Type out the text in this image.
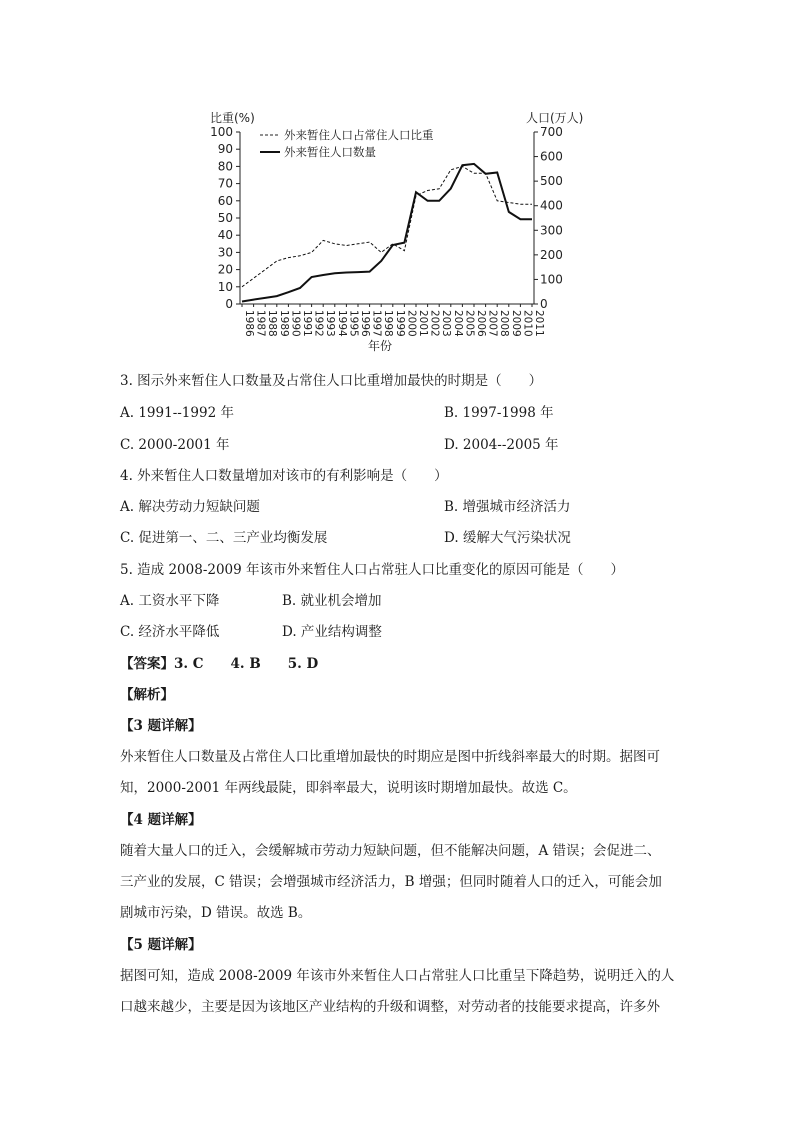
比重(%)	人口(万人)
0
10
20
30
40
50
60
70
80
90
100
0
100
200
300
400
500
600
700
1986 1987 1988 1989 1990 1991 1992 1993 1994 1995 1996 1997 1998 1999 2000 2001 2002 2003 2004 2005 2006 2007 2008 2009 2010 2011
外来暂住人口占常住人口比重
外来暂住人口数量
年份
3. 图示外来暂住人口数量及占常住人口比重增加最快的时期是（　　）
A. 1991--1992 年	B. 1997-1998 年
C. 2000-2001 年	D. 2004--2005 年
4. 外来暂住人口数量增加对该市的有利影响是（　　）
A. 解决劳动力短缺问题	B. 增强城市经济活力
C. 促进第一、二、三产业均衡发展	D. 缓解大气污染状况
5. 造成 2008-2009 年该市外来暂住人口占常驻人口比重变化的原因可能是（　　）
A. 工资水平下降	B. 就业机会增加
C. 经济水平降低	D. 产业结构调整
【答案】3. C　　4. B　　5. D
【解析】
【3 题详解】
外来暂住人口数量及占常住人口比重增加最快的时期应是图中折线斜率最大的时期。据图可
知，2000-2001 年两线最陡，即斜率最大，说明该时期增加最快。故选 C。
【4 题详解】
随着大量人口的迁入，会缓解城市劳动力短缺问题，但不能解决问题，A 错误；会促进二、
三产业的发展，C 错误；会增强城市经济活力，B 增强；但同时随着人口的迁入，可能会加
剧城市污染，D 错误。故选 B。
【5 题详解】
据图可知，造成 2008-2009 年该市外来暂住人口占常驻人口比重呈下降趋势，说明迁入的人
口越来越少，主要是因为该地区产业结构的升级和调整，对劳动者的技能要求提高，许多外
